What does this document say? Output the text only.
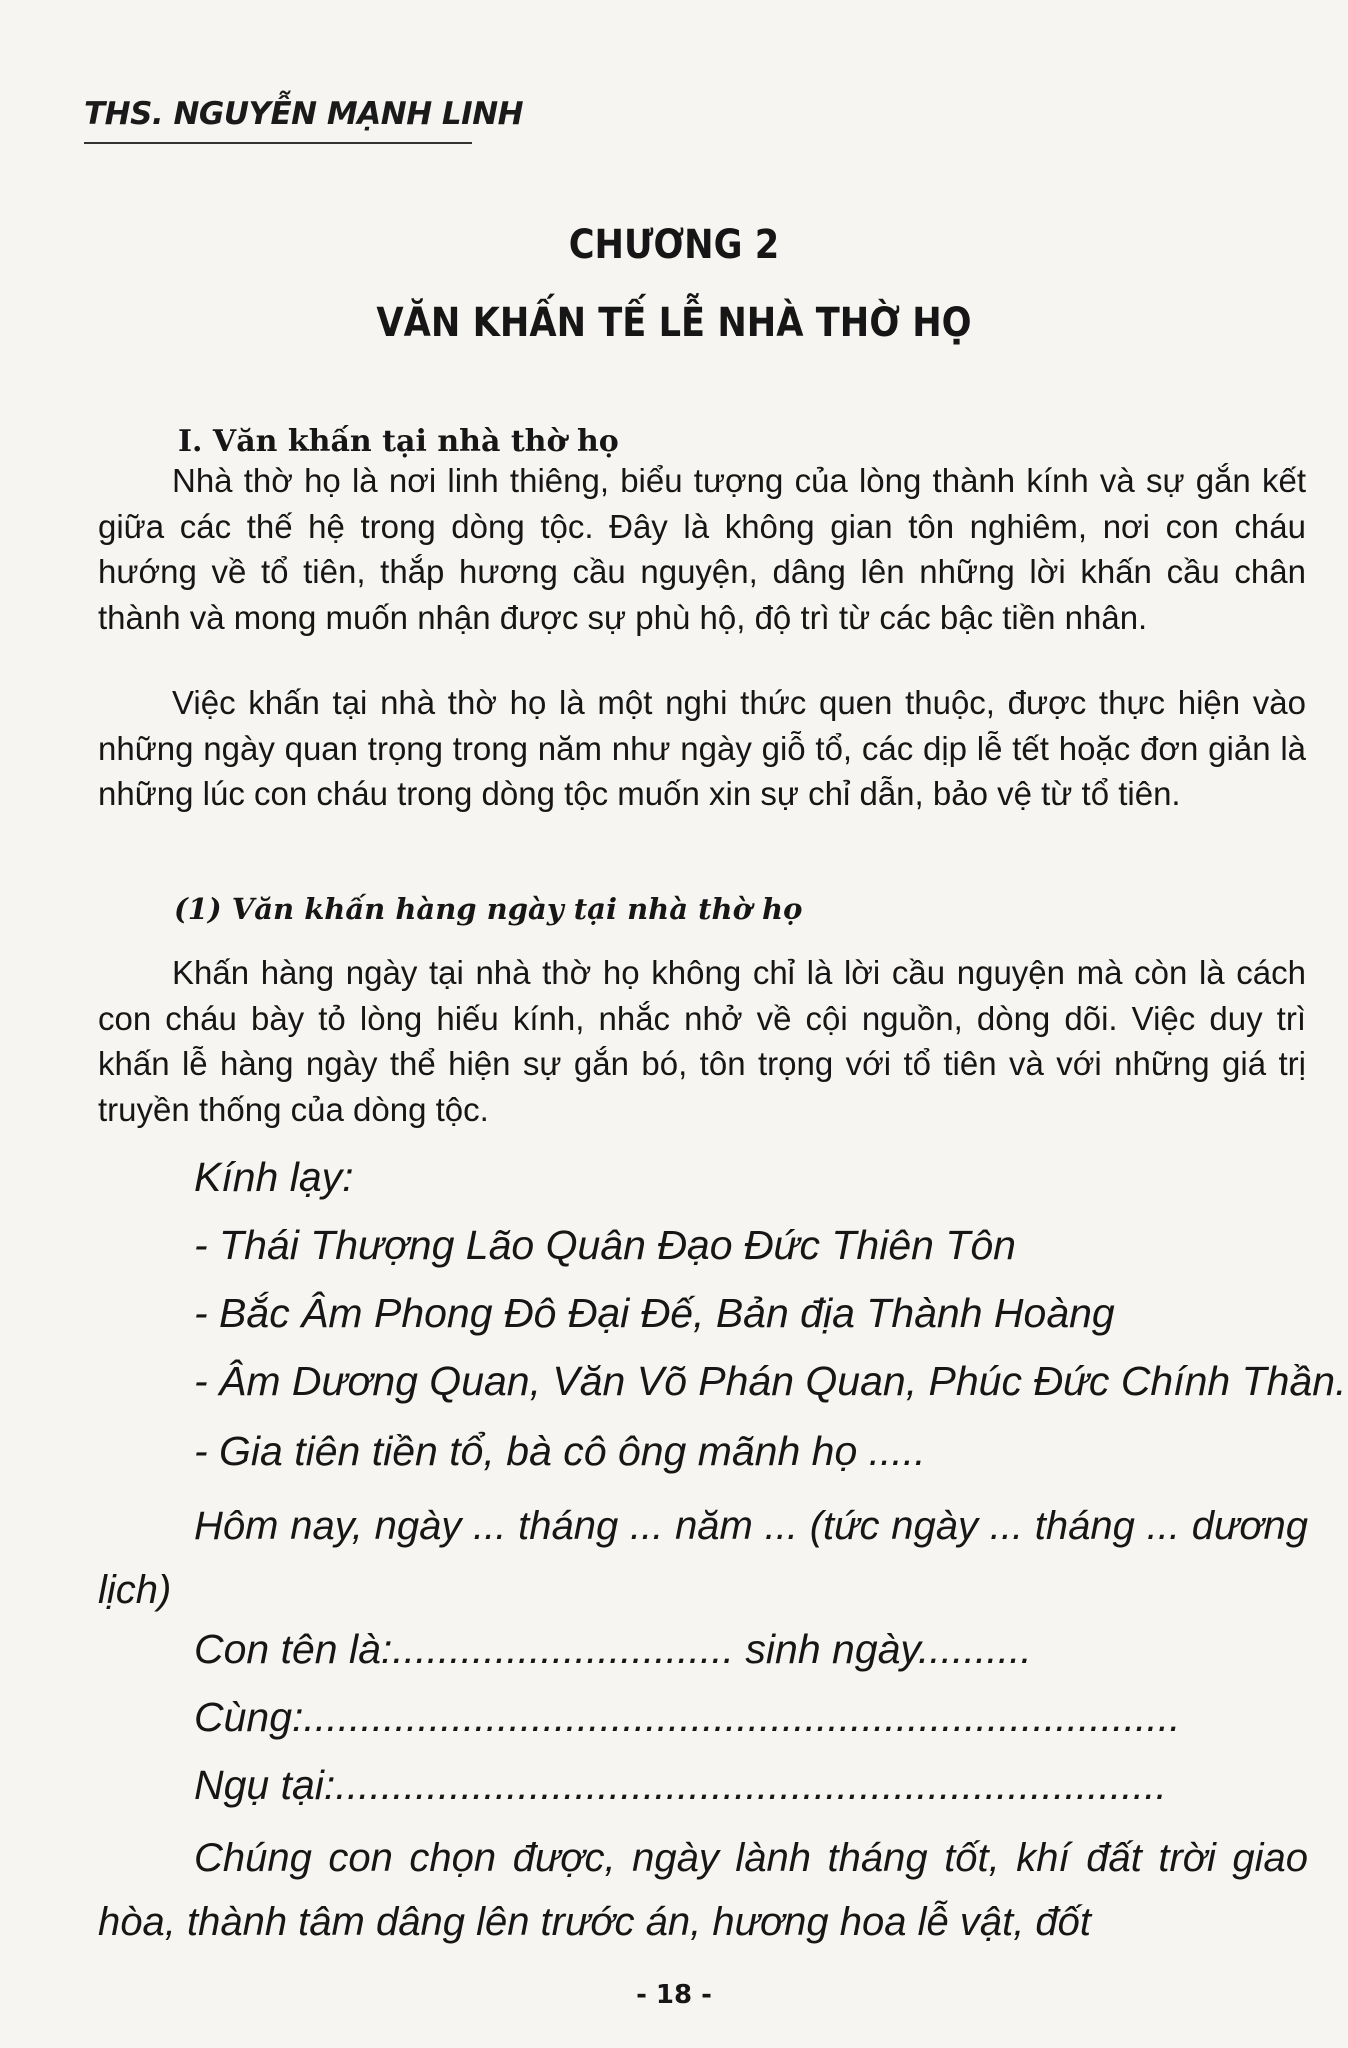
THS. NGUYỄN MẠNH LINH
CHƯƠNG 2
VĂN KHẤN TẾ LỄ NHÀ THỜ HỌ
I. Văn khấn tại nhà thờ họ

Nhà thờ họ là nơi linh thiêng, biểu tượng của lòng thành kính và sự gắn kết giữa các thế hệ trong dòng tộc. Đây là không gian tôn nghiêm, nơi con cháu hướng về tổ tiên, thắp hương cầu nguyện, dâng lên những lời khấn cầu chân thành và mong muốn nhận được sự phù hộ, độ trì từ các bậc tiền nhân.

Việc khấn tại nhà thờ họ là một nghi thức quen thuộc, được thực hiện vào những ngày quan trọng trong năm như ngày giỗ tổ, các dịp lễ tết hoặc đơn giản là những lúc con cháu trong dòng tộc muốn xin sự chỉ dẫn, bảo vệ từ tổ tiên.

(1) Văn khấn hàng ngày tại nhà thờ họ

Khấn hàng ngày tại nhà thờ họ không chỉ là lời cầu nguyện mà còn là cách con cháu bày tỏ lòng hiếu kính, nhắc nhở về cội nguồn, dòng dõi. Việc duy trì khấn lễ hàng ngày thể hiện sự gắn bó, tôn trọng với tổ tiên và với những giá trị truyền thống của dòng tộc.

Kính lạy:
- Thái Thượng Lão Quân Đạo Đức Thiên Tôn
- Bắc Âm Phong Đô Đại Đế, Bản địa Thành Hoàng
- Âm Dương Quan, Văn Võ Phán Quan, Phúc Đức Chính Thần.
- Gia tiên tiền tổ, bà cô ông mãnh họ .....

Hôm nay, ngày ... tháng ... năm ... (tức ngày ... tháng ... dương lịch)

Con tên là:.............................. sinh ngày..........
Cùng:.............................................................................
Ngụ tại:.........................................................................

Chúng con chọn được, ngày lành tháng tốt, khí đất trời giao hòa, thành tâm dâng lên trước án, hương hoa lễ vật, đốt

- 18 -
